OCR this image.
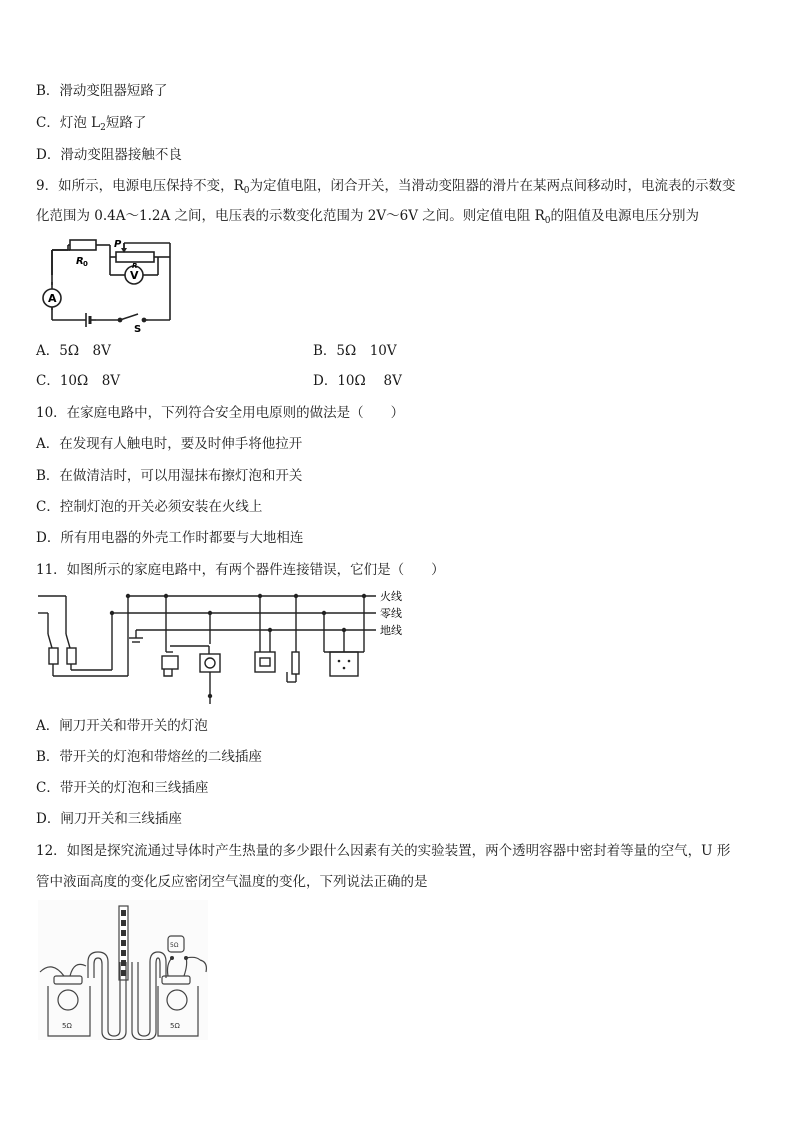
B．滑动变阻器短路了
C．灯泡 $L_2$短路了
D．滑动变阻器接触不良
9．如所示，电源电压保持不变，$R_0$为定值电阻，闭合开关，当滑动变阻器的滑片在某两点间移动时，电流表的示数变
化范围为 0.4A～1.2A 之间，电压表的示数变化范围为 2V～6V 之间。则定值电阻 $R_0$的阻值及电源电压分别为
A
V
R 0
P
R
S
A．5Ω　8V	B．5Ω　10V
C．10Ω　8V	D．10Ω　 8V
10．在家庭电路中，下列符合安全用电原则的做法是（　　）
A．在发现有人触电时，要及时伸手将他拉开
B．在做清洁时，可以用湿抹布擦灯泡和开关
C．控制灯泡的开关必须安装在火线上
D．所有用电器的外壳工作时都要与大地相连
11．如图所示的家庭电路中，有两个器件连接错误，它们是（　　）
火线
零线
地线
A．闸刀开关和带开关的灯泡
B．带开关的灯泡和带熔丝的二线插座
C．带开关的灯泡和三线插座
D．闸刀开关和三线插座
12．如图是探究流通过导体时产生热量的多少跟什么因素有关的实验装置，两个透明容器中密封着等量的空气，U 形
管中液面高度的变化反应密闭空气温度的变化，下列说法正确的是
5Ω	5Ω
5Ω
